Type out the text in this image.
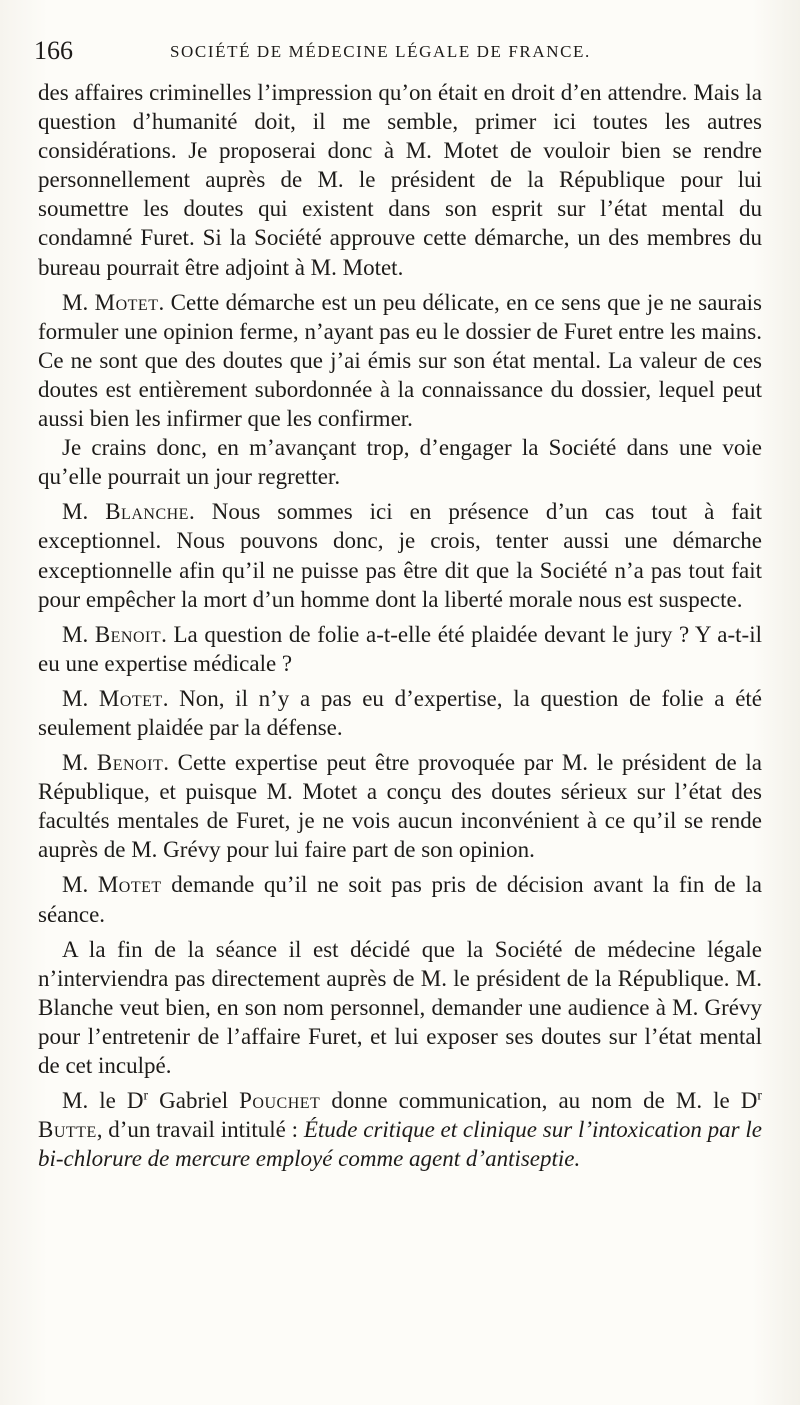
166	SOCIÉTÉ DE MÉDECINE LÉGALE DE FRANCE.

des affaires criminelles l’impression qu’on était en droit d’en attendre. Mais la question d’humanité doit, il me semble, primer ici toutes les autres considérations. Je proposerai donc à M. Motet de vouloir bien se rendre personnellement auprès de M. le président de la République pour lui soumettre les doutes qui existent dans son esprit sur l’état mental du condamné Furet. Si la Société approuve cette démarche, un des membres du bureau pourrait être adjoint à M. Motet.

M. Motet. Cette démarche est un peu délicate, en ce sens que je ne saurais formuler une opinion ferme, n’ayant pas eu le dossier de Furet entre les mains. Ce ne sont que des doutes que j’ai émis sur son état mental. La valeur de ces doutes est entièrement subordonnée à la connaissance du dossier, lequel peut aussi bien les infirmer que les confirmer.

Je crains donc, en m’avançant trop, d’engager la Société dans une voie qu’elle pourrait un jour regretter.

M. Blanche. Nous sommes ici en présence d’un cas tout à fait exceptionnel. Nous pouvons donc, je crois, tenter aussi une démarche exceptionnelle afin qu’il ne puisse pas être dit que la Société n’a pas tout fait pour empêcher la mort d’un homme dont la liberté morale nous est suspecte.

M. Benoit. La question de folie a-t-elle été plaidée devant le jury ? Y a-t-il eu une expertise médicale ?

M. Motet. Non, il n’y a pas eu d’expertise, la question de folie a été seulement plaidée par la défense.

M. Benoit. Cette expertise peut être provoquée par M. le président de la République, et puisque M. Motet a conçu des doutes sérieux sur l’état des facultés mentales de Furet, je ne vois aucun inconvénient à ce qu’il se rende auprès de M. Grévy pour lui faire part de son opinion.

M. Motet demande qu’il ne soit pas pris de décision avant la fin de la séance.

A la fin de la séance il est décidé que la Société de médecine légale n’interviendra pas directement auprès de M. le président de la République. M. Blanche veut bien, en son nom personnel, demander une audience à M. Grévy pour l’entretenir de l’affaire Furet, et lui exposer ses doutes sur l’état mental de cet inculpé.

M. le $D^r$ Gabriel Pouchet donne communication, au nom de M. le $D^r$ Butte, d’un travail intitulé : Étude critique et clinique sur l’intoxication par le bi-chlorure de mercure employé comme agent d’antiseptie.
